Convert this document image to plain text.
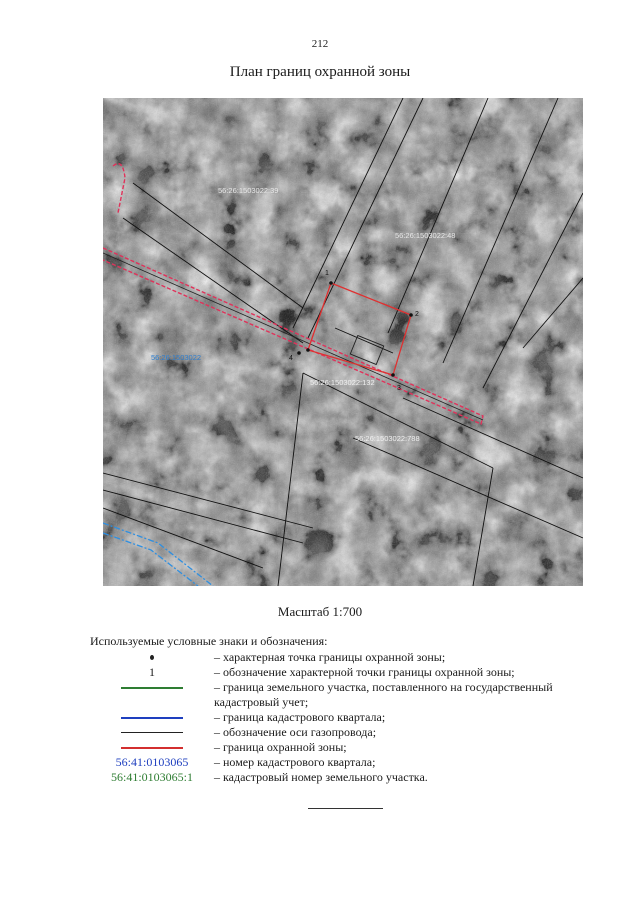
212
План границ охранной зоны
56:26:1503022:39
56:26:1503022:48
56:26:1503022
56:26:1503022:132
56:26:1503022:788
1
2
3
4
Масштаб 1:700
Используемые условные знаки и обозначения:
– характерная точка границы охранной зоны;
1	– обозначение характерной точки границы охранной зоны;
– граница земельного участка, поставленного на государственный кадастровый учет;
– граница кадастрового квартала;
– обозначение оси газопровода;
– граница охранной зоны;
56:41:0103065 – номер кадастрового квартала;
56:41:0103065:1 – кадастровый номер земельного участка.
